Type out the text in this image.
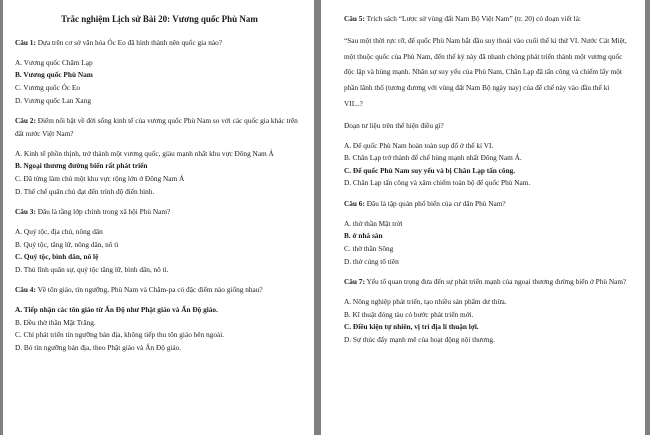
Trắc nghiệm Lịch sử Bài 20: Vương quốc Phù Nam
Câu 1: Dựa trên cơ sở văn hóa Óc Eo đã hình thành nên quốc gia nào?
A. Vương quốc Chăm Lạp
B. Vương quốc Phù Nam
C. Vương quốc Óc Eo
D. Vương quốc Lan Xang
Câu 2: Điểm nổi bật về đời sống kinh tế của vương quốc Phù Nam so với các quốc gia khác trên đất nước Việt Nam?
A. Kinh tế phồn thịnh, trở thành một vương quốc, giàu mạnh nhất khu vực Đông Nam Á
B. Ngoại thương đường biển rất phát triển
C. Đã từng làm chủ một khu vực rộng lớn ở Đông Nam Á
D. Thể chế quân chủ đạt đến trình độ điển hình.
Câu 3: Đâu là tầng lớp chính trong xã hội Phù Nam?
A. Quý tộc, địa chủ, nông dân
B. Quý tộc, tăng lữ, nông dân, nô tì
C. Quý tộc, bình dân, nô lệ
D. Thủ lĩnh quân sự, quý tộc tăng lữ, bình dân, nô tì.
Câu 4: Về tôn giáo, tín ngưỡng, Phù Nam và Chăm-pa có đặc điểm nào giống nhau?
A. Tiếp nhận các tôn giáo từ Ấn Độ như Phật giáo và Ấn Độ giáo.
B. Đều thờ thần Mặt Trăng.
C. Chỉ phát triển tín ngưỡng bản địa, không tiếp thu tôn giáo bên ngoài.
D. Bỏ tín ngưỡng bản địa, theo Phật giáo và Ấn Độ giáo.
Câu 5: Trích sách “Lược sử vùng đất Nam Bộ Việt Nam” (tr. 20) có đoạn viết là:
“Sau một thời rực rỡ, đế quốc Phù Nam bắt đầu suy thoái vào cuối thế kỉ thứ VI. Nước Cát Miệt, một thuộc quốc của Phù Nam, đến thế kỷ này đã nhanh chóng phát triển thành một vương quốc độc lập và hùng mạnh. Nhân sự suy yếu của Phù Nam, Chân Lạp đã tấn công và chiếm lấy một phần lãnh thổ (tương đương với vùng đất Nam Bộ ngày nay) của đế chế này vào đầu thế kỉ VII...?
Đoạn tư liệu trên thể hiện điều gì?
A. Đế quốc Phù Nam hoàn toàn sụp đổ ở thế kỉ VI.
B. Chân Lạp trở thành đế chế hùng mạnh nhất Đông Nam Á.
C. Đế quốc Phù Nam suy yếu và bị Chân Lạp tấn công.
D. Chân Lạp tấn công và xâm chiếm toàn bộ đế quốc Phù Nam.
Câu 6: Đâu là tập quán phổ biến của cư dân Phù Nam?
A. thờ thần Mặt trời
B. ở nhà sàn
C. thờ thần Sông
D. thờ cúng tổ tiên
Câu 7: Yếu tố quan trọng đưa đến sự phát triển mạnh của ngoại thương đường biển ở Phù Nam?
A. Nông nghiệp phát triển, tạo nhiều sản phẩm dư thừa.
B. Kĩ thuật đóng tàu có bước phát triển mới.
C. Điều kiện tự nhiên, vị trí địa lí thuận lợi.
D. Sự thúc đẩy mạnh mẽ của hoạt động nội thương.
